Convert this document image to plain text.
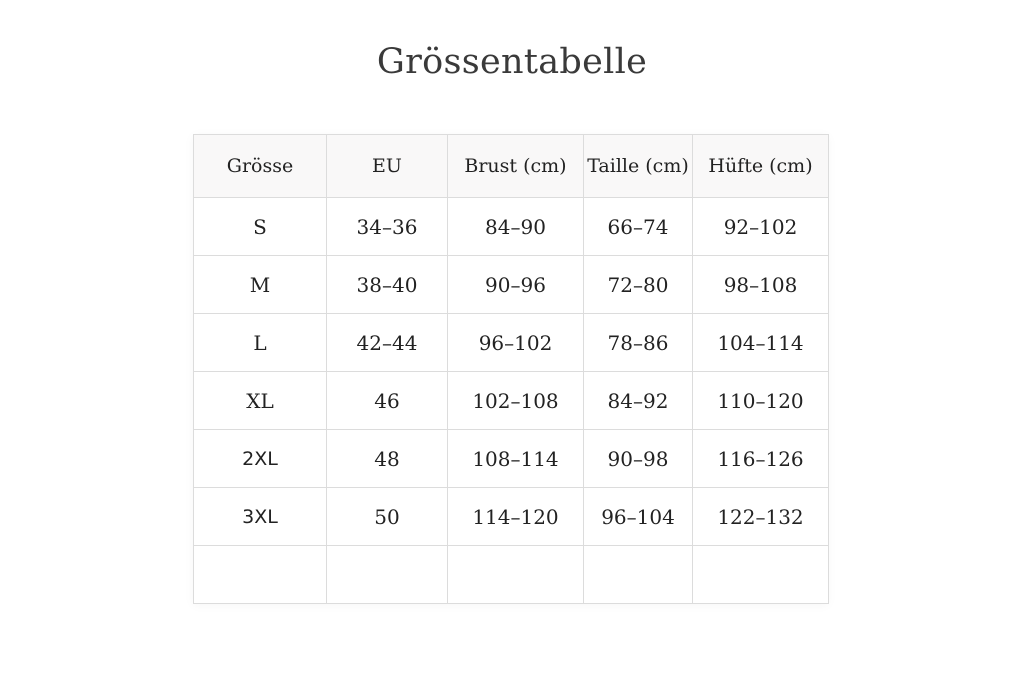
Grössentabelle
Grösse	EU	Brust (cm)	Taille (cm)	Hüfte (cm)
S	34–36	84–90	66–74	92–102
M	38–40	90–96	72–80	98–108
L	42–44	96–102	78–86	104–114
XL	46	102–108	84–92	110–120
2XL	48	108–114	90–98	116–126
3XL	50	114–120	96–104	122–132
